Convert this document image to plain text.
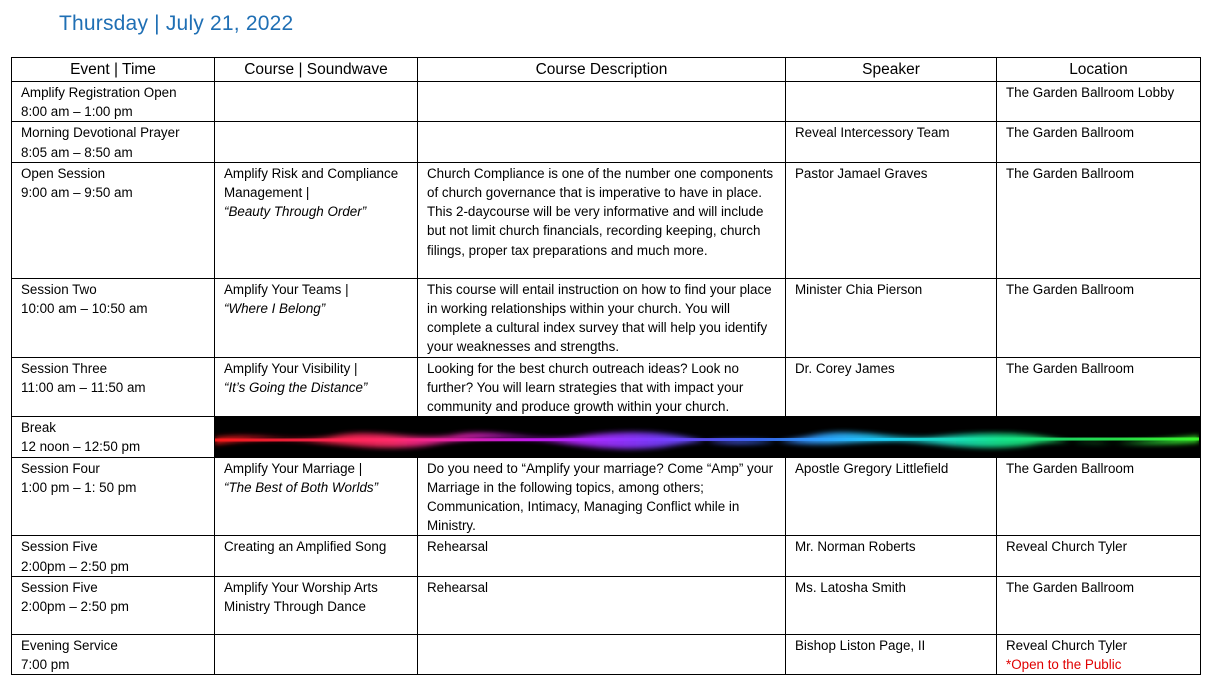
Thursday | July 21, 2022
Event | Time	Course | Soundwave	Course Description	Speaker	Location

Amplify Registration Open
8:00 am – 1:00 pm				The Garden Ballroom Lobby

Morning Devotional Prayer
8:05 am – 8:50 am			Reveal Intercessory Team	The Garden Ballroom

Open Session
9:00 am – 9:50 am	Amplify Risk and Compliance Management |
“Beauty Through Order”	Church Compliance is one of the number one components of church governance that is imperative to have in place. This 2-daycourse will be very informative and will include but not limit church financials, recording keeping, church filings, proper tax preparations and much more.	Pastor Jamael Graves	The Garden Ballroom

Session Two
10:00 am – 10:50 am	Amplify Your Teams |
“Where I Belong”	This course will entail instruction on how to find your place in working relationships within your church. You will complete a cultural index survey that will help you identify your weaknesses and strengths.	Minister Chia Pierson	The Garden Ballroom

Session Three
11:00 am – 11:50 am	Amplify Your Visibility |
“It’s Going the Distance”	Looking for the best church outreach ideas? Look no further? You will learn strategies that with impact your community and produce growth within your church.	Dr. Corey James	The Garden Ballroom

Break
12 noon – 12:50 pm

Session Four
1:00 pm – 1: 50 pm	Amplify Your Marriage |
“The Best of Both Worlds”	Do you need to “Amplify your marriage? Come “Amp” your Marriage in the following topics, among others; Communication, Intimacy, Managing Conflict while in Ministry.	Apostle Gregory Littlefield	The Garden Ballroom

Session Five
2:00pm – 2:50 pm	Creating an Amplified Song	Rehearsal	Mr. Norman Roberts	Reveal Church Tyler

Session Five
2:00pm – 2:50 pm	Amplify Your Worship Arts Ministry Through Dance	Rehearsal	Ms. Latosha Smith	The Garden Ballroom

Evening Service
7:00 pm			Bishop Liston Page, II	Reveal Church Tyler
*Open to the Public
